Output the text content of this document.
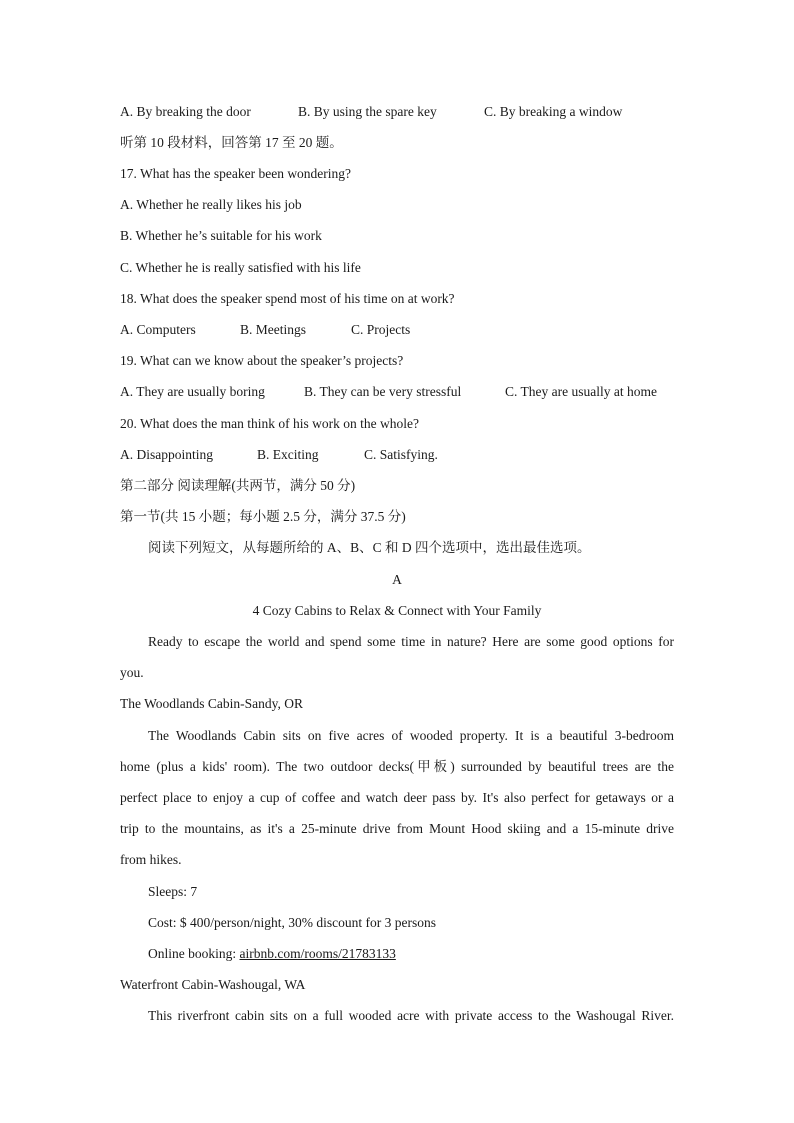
A. By breaking the door	B. By using the spare key	C. By breaking a window
听第 10 段材料，回答第 17 至 20 题。
17. What has the speaker been wondering?
A. Whether he really likes his job
B. Whether he’s suitable for his work
C. Whether he is really satisfied with his life
18. What does the speaker spend most of his time on at work?
A. Computers	B. Meetings	C. Projects
19. What can we know about the speaker’s projects?
A. They are usually boring	B. They can be very stressful	C. They are usually at home
20. What does the man think of his work on the whole?
A. Disappointing	B. Exciting	C. Satisfying.
第二部分 阅读理解(共两节，满分 50 分)
第一节(共 15 小题；每小题 2.5 分，满分 37.5 分)
阅读下列短文，从每题所给的 A、B、C 和 D 四个选项中，选出最佳选项。
A
4 Cozy Cabins to Relax & Connect with Your Family
Ready to escape the world and spend some time in nature? Here are some good options for
you.
The Woodlands Cabin-Sandy, OR
The Woodlands Cabin sits on five acres of wooded property. It is a beautiful 3-bedroom
home (plus a kids' room). The two outdoor decks(甲板) surrounded by beautiful trees are the
perfect place to enjoy a cup of coffee and watch deer pass by. It's also perfect for getaways or a
trip to the mountains, as it's a 25-minute drive from Mount Hood skiing and a 15-minute drive
from hikes.
Sleeps: 7
Cost: $ 400/person/night, 30% discount for 3 persons
Online booking: airbnb.com/rooms/21783133
Waterfront Cabin-Washougal, WA
This riverfront cabin sits on a full wooded acre with private access to the Washougal River.
